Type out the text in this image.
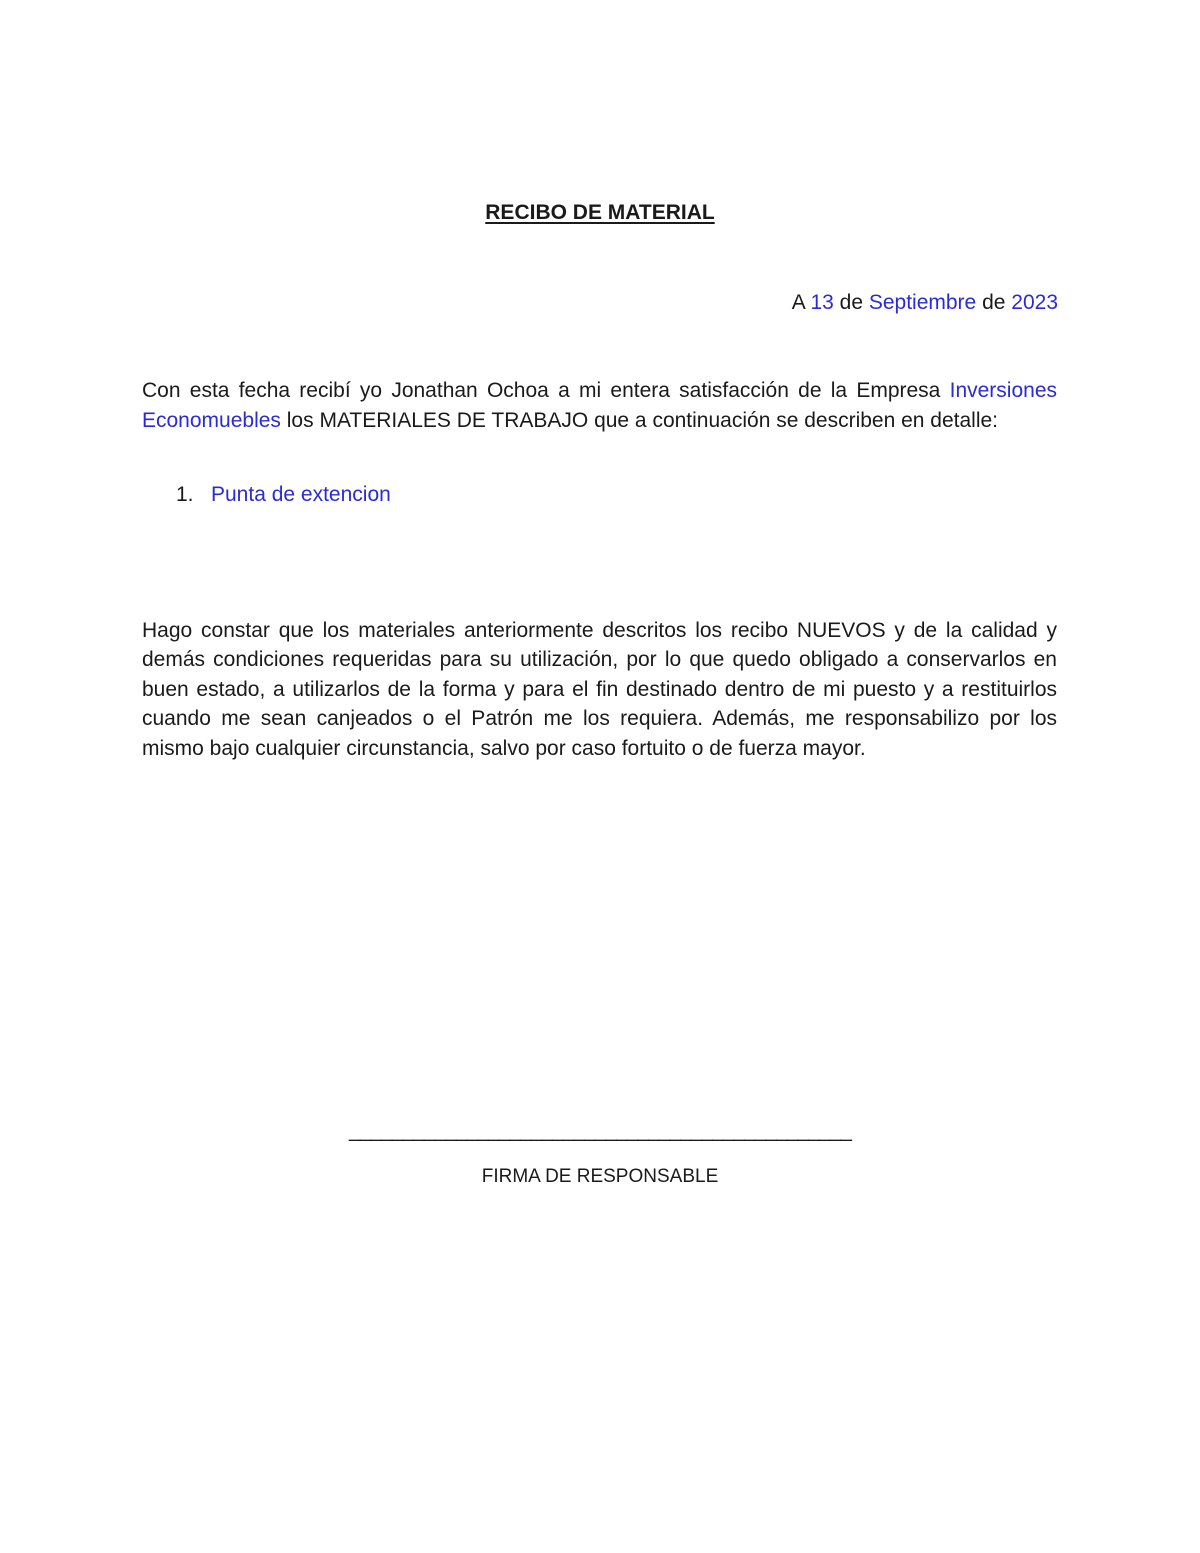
RECIBO DE MATERIAL
A 13 de Septiembre de 2023
Con esta fecha recibí yo Jonathan Ochoa a mi entera satisfacción de la Empresa Inversiones Economuebles los MATERIALES DE TRABAJO que a continuación se describen en detalle:
1. Punta de extencion
Hago constar que los materiales anteriormente descritos los recibo NUEVOS y de la calidad y demás condiciones requeridas para su utilización, por lo que quedo obligado a conservarlos en buen estado, a utilizarlos de la forma y para el fin destinado dentro de mi puesto y a restituirlos cuando me sean canjeados o el Patrón me los requiera. Además, me responsabilizo por los mismo bajo cualquier circunstancia, salvo por caso fortuito o de fuerza mayor.
_______________________________________________
FIRMA DE RESPONSABLE
